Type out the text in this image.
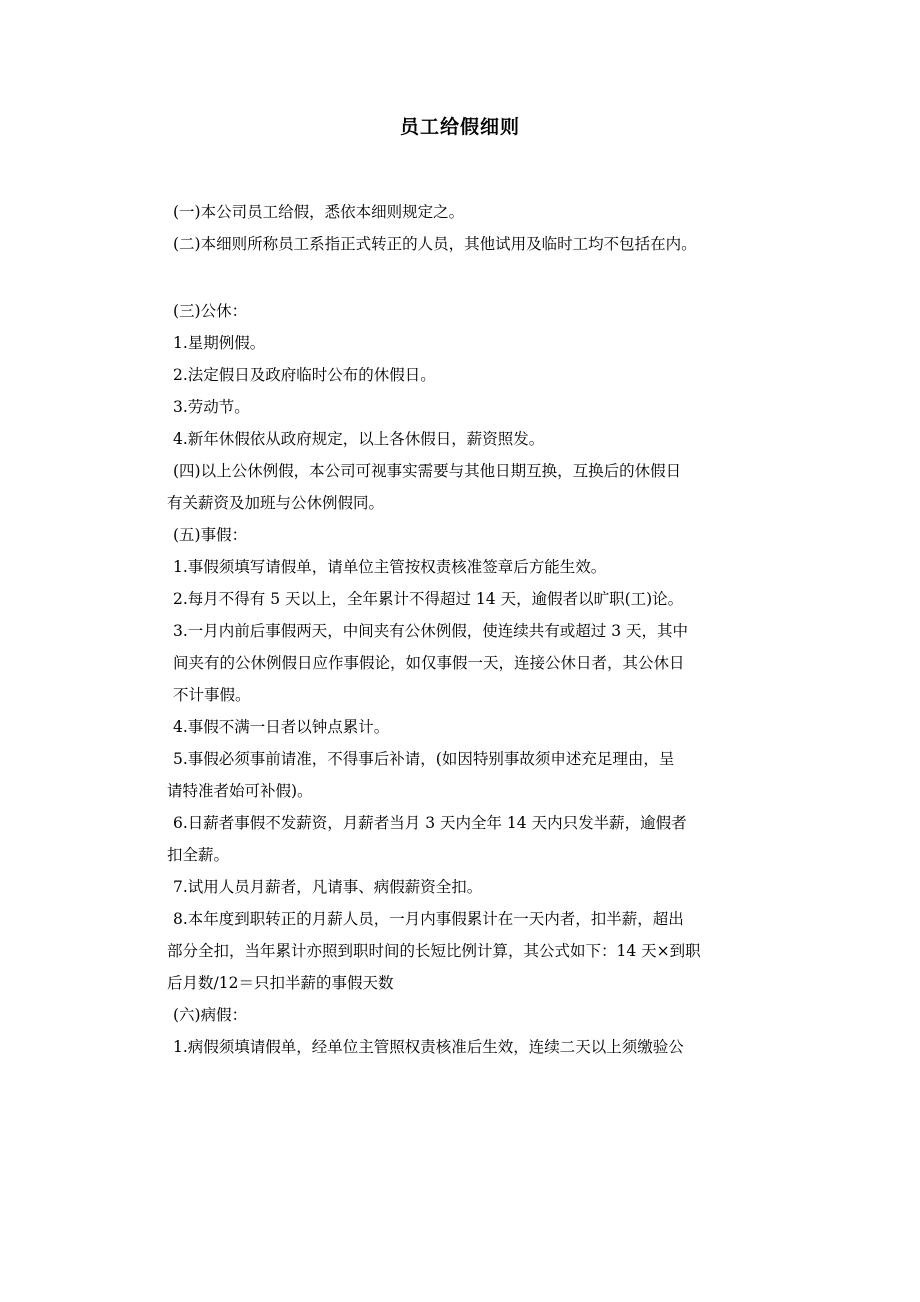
员工给假细则

(一)本公司员工给假，悉依本细则规定之。

(二)本细则所称员工系指正式转正的人员，其他试用及临时工均不包括在内。

(三)公休：

1.星期例假。

2.法定假日及政府临时公布的休假日。

3.劳动节。

4.新年休假依从政府规定，以上各休假日，薪资照发。

(四)以上公休例假，本公司可视事实需要与其他日期互换，互换后的休假日

有关薪资及加班与公休例假同。

(五)事假：

1.事假须填写请假单，请单位主管按权责核准签章后方能生效。

2.每月不得有 5 天以上，全年累计不得超过 14 天，逾假者以旷职(工)论。

3.一月内前后事假两天，中间夹有公休例假，使连续共有或超过 3 天，其中

间夹有的公休例假日应作事假论，如仅事假一天，连接公休日者，其公休日

不计事假。

4.事假不满一日者以钟点累计。

5.事假必须事前请准，不得事后补请，(如因特别事故须申述充足理由，呈

请特准者始可补假)。

6.日薪者事假不发薪资，月薪者当月 3 天内全年 14 天内只发半薪，逾假者

扣全薪。

7.试用人员月薪者，凡请事、病假薪资全扣。

8.本年度到职转正的月薪人员，一月内事假累计在一天内者，扣半薪，超出

部分全扣，当年累计亦照到职时间的长短比例计算，其公式如下：14 天×到职

后月数/12＝只扣半薪的事假天数

(六)病假：

1.病假须填请假单，经单位主管照权责核准后生效，连续二天以上须缴验公
